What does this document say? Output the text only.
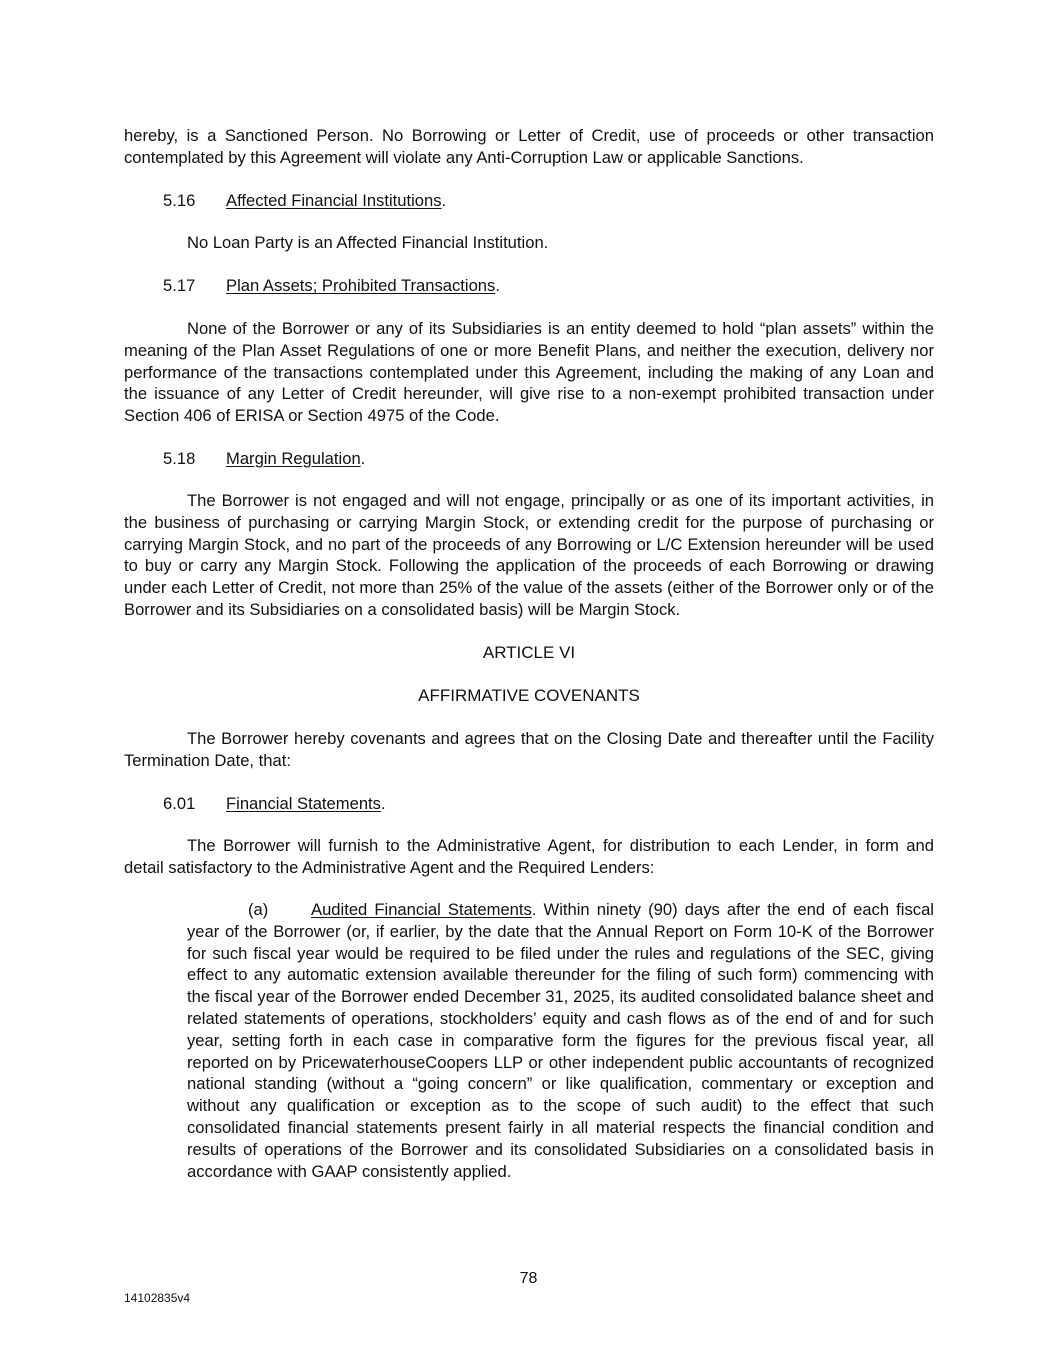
hereby, is a Sanctioned Person. No Borrowing or Letter of Credit, use of proceeds or other transaction
contemplated by this Agreement will violate any Anti-Corruption Law or applicable Sanctions.
5.16 Affected Financial Institutions.
No Loan Party is an Affected Financial Institution.
5.17 Plan Assets; Prohibited Transactions.
None of the Borrower or any of its Subsidiaries is an entity deemed to hold “plan assets” within the meaning of the Plan Asset Regulations of one or more Benefit Plans, and neither the execution, delivery nor performance of the transactions contemplated under this Agreement, including the making of any Loan and the issuance of any Letter of Credit hereunder, will give rise to a non-exempt prohibited transaction under Section 406 of ERISA or Section 4975 of the Code.
5.18 Margin Regulation.
The Borrower is not engaged and will not engage, principally or as one of its important activities, in the business of purchasing or carrying Margin Stock, or extending credit for the purpose of purchasing or carrying Margin Stock, and no part of the proceeds of any Borrowing or L/C Extension hereunder will be used to buy or carry any Margin Stock. Following the application of the proceeds of each Borrowing or drawing under each Letter of Credit, not more than 25% of the value of the assets (either of the Borrower only or of the Borrower and its Subsidiaries on a consolidated basis) will be Margin Stock.
ARTICLE VI
AFFIRMATIVE COVENANTS
The Borrower hereby covenants and agrees that on the Closing Date and thereafter until the Facility Termination Date, that:
6.01 Financial Statements.
The Borrower will furnish to the Administrative Agent, for distribution to each Lender, in form and detail satisfactory to the Administrative Agent and the Required Lenders:
(a)	Audited Financial Statements. Within ninety (90) days after the end of each fiscal year of the Borrower (or, if earlier, by the date that the Annual Report on Form 10-K of the Borrower for such fiscal year would be required to be filed under the rules and regulations of the SEC, giving effect to any automatic extension available thereunder for the filing of such form) commencing with the fiscal year of the Borrower ended December 31, 2025, its audited consolidated balance sheet and related statements of operations, stockholders’ equity and cash flows as of the end of and for such year, setting forth in each case in comparative form the figures for the previous fiscal year, all reported on by PricewaterhouseCoopers LLP or other independent public accountants of recognized national standing (without a “going concern” or like qualification, commentary or exception and without any qualification or exception as to the scope of such audit) to the effect that such consolidated financial statements present fairly in all material respects the financial condition and results of operations of the Borrower and its consolidated Subsidiaries on a consolidated basis in accordance with GAAP consistently applied.
78
14102835v4
